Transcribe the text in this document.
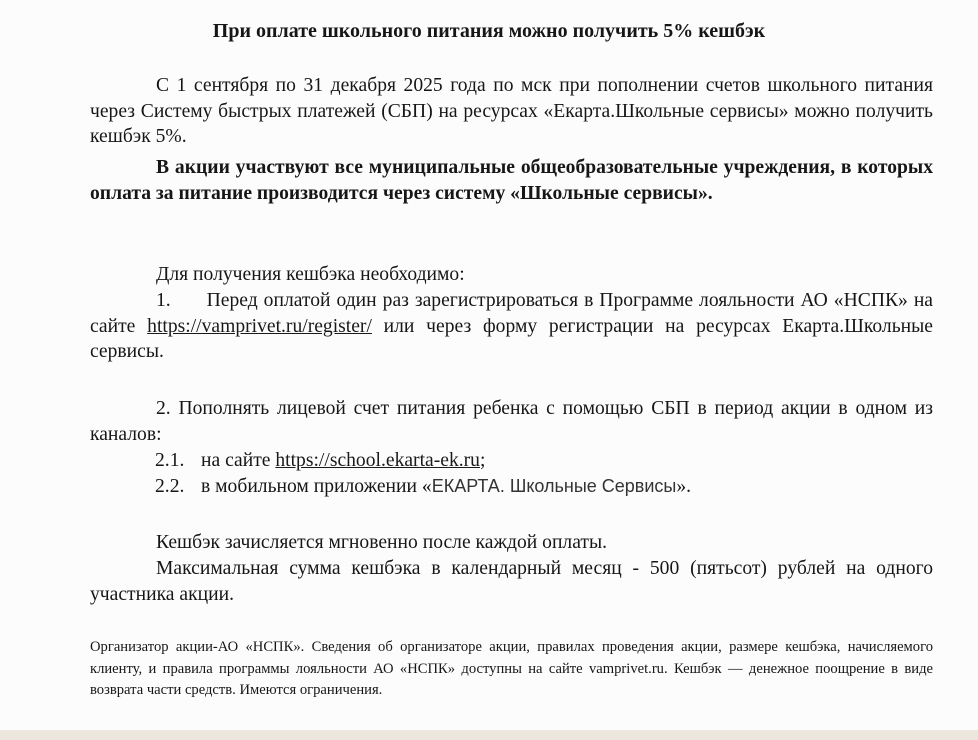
При оплате школьного питания можно получить 5% кешбэк
С 1 сентября по 31 декабря 2025 года по мск при пополнении счетов школьного питания через Систему быстрых платежей (СБП) на ресурсах «Екарта.Школьные сервисы» можно получить кешбэк 5%.
В акции участвуют все муниципальные общеобразовательные учреждения, в которых оплата за питание производится через систему «Школьные сервисы».
Для получения кешбэка необходимо:
1. Перед оплатой один раз зарегистрироваться в Программе лояльности АО «НСПК» на сайте https://vamprivet.ru/register/ или через форму регистрации на ресурсах Екарта.Школьные сервисы.
2. Пополнять лицевой счет питания ребенка с помощью СБП в период акции в одном из каналов:
2.1. на сайте https://school.ekarta-ek.ru;
2.2. в мобильном приложении «ЕКАРТА. Школьные Сервисы».
Кешбэк зачисляется мгновенно после каждой оплаты.
Максимальная сумма кешбэка в календарный месяц - 500 (пятьсот) рублей на одного участника акции.
Организатор акции-АО «НСПК». Сведения об организаторе акции, правилах проведения акции, размере кешбэка, начисляемого клиенту, и правила программы лояльности АО «НСПК» доступны на сайте vamprivet.ru. Кешбэк — денежное поощрение в виде возврата части средств. Имеются ограничения.
